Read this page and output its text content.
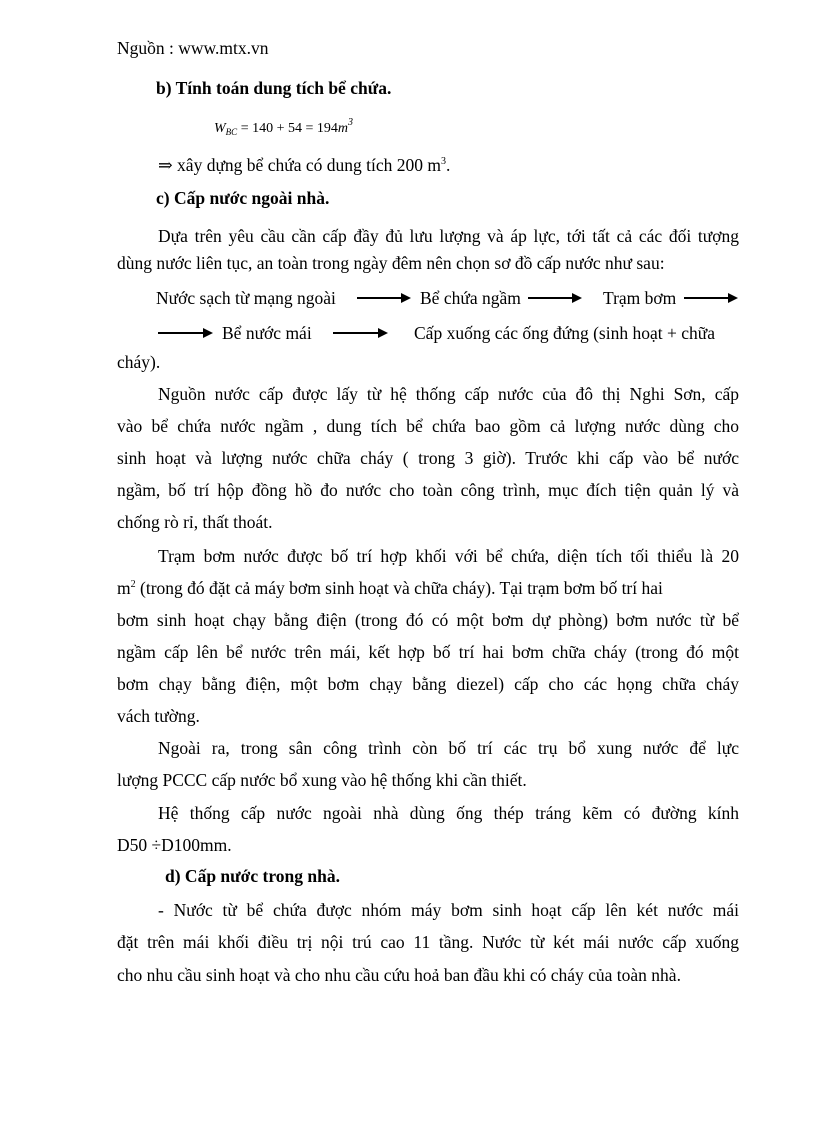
Nguồn : www.mtx.vn
b) Tính toán dung tích bể chứa.
$W_{BC} = 140 + 54 = 194m^3$
⇒ xây dựng bể chứa có dung tích 200 $m^3$.
c) Cấp nước ngoài nhà.
Dựa trên yêu cầu cần cấp đầy đủ lưu lượng và áp lực, tới tất cả các đối tượng
dùng nước liên tục, an toàn trong ngày đêm nên chọn sơ đồ cấp nước như sau:
Nước sạch từ mạng ngoài	Bể chứa ngầm	Trạm bơm
Bể nước mái	Cấp xuống các ống đứng (sinh hoạt + chữa
cháy).
Nguồn nước cấp được lấy từ hệ thống cấp nước của đô thị Nghi Sơn, cấp
vào bể chứa nước ngầm , dung tích bể chứa bao gồm cả lượng nước dùng cho
sinh hoạt và lượng nước chữa cháy ( trong 3 giờ). Trước khi cấp vào bể nước
ngầm, bố trí hộp đồng hồ đo nước cho toàn công trình, mục đích tiện quản lý và
chống rò rỉ, thất thoát.
Trạm bơm nước được bố trí hợp khối với bể chứa, diện tích tối thiểu là 20
$m^2$ (trong đó đặt cả máy bơm sinh hoạt và chữa cháy). Tại trạm bơm bố trí hai
bơm sinh hoạt chạy bằng điện (trong đó có một bơm dự phòng) bơm nước từ bể
ngầm cấp lên bể nước trên mái, kết hợp bố trí hai bơm chữa cháy (trong đó một
bơm chạy bằng điện, một bơm chạy bằng diezel) cấp cho các họng chữa cháy
vách tường.
Ngoài ra, trong sân công trình còn bố trí các trụ bổ xung nước để lực
lượng PCCC cấp nước bổ xung vào hệ thống khi cần thiết.
Hệ thống cấp nước ngoài nhà dùng ống thép tráng kẽm có đường kính
D50 ÷D100mm.
d) Cấp nước trong nhà.
- Nước từ bể chứa được nhóm máy bơm sinh hoạt cấp lên két nước mái
đặt trên mái khối điều trị nội trú cao 11 tầng. Nước từ két mái nước cấp xuống
cho nhu cầu sinh hoạt và cho nhu cầu cứu hoả ban đầu khi có cháy của toàn nhà.
